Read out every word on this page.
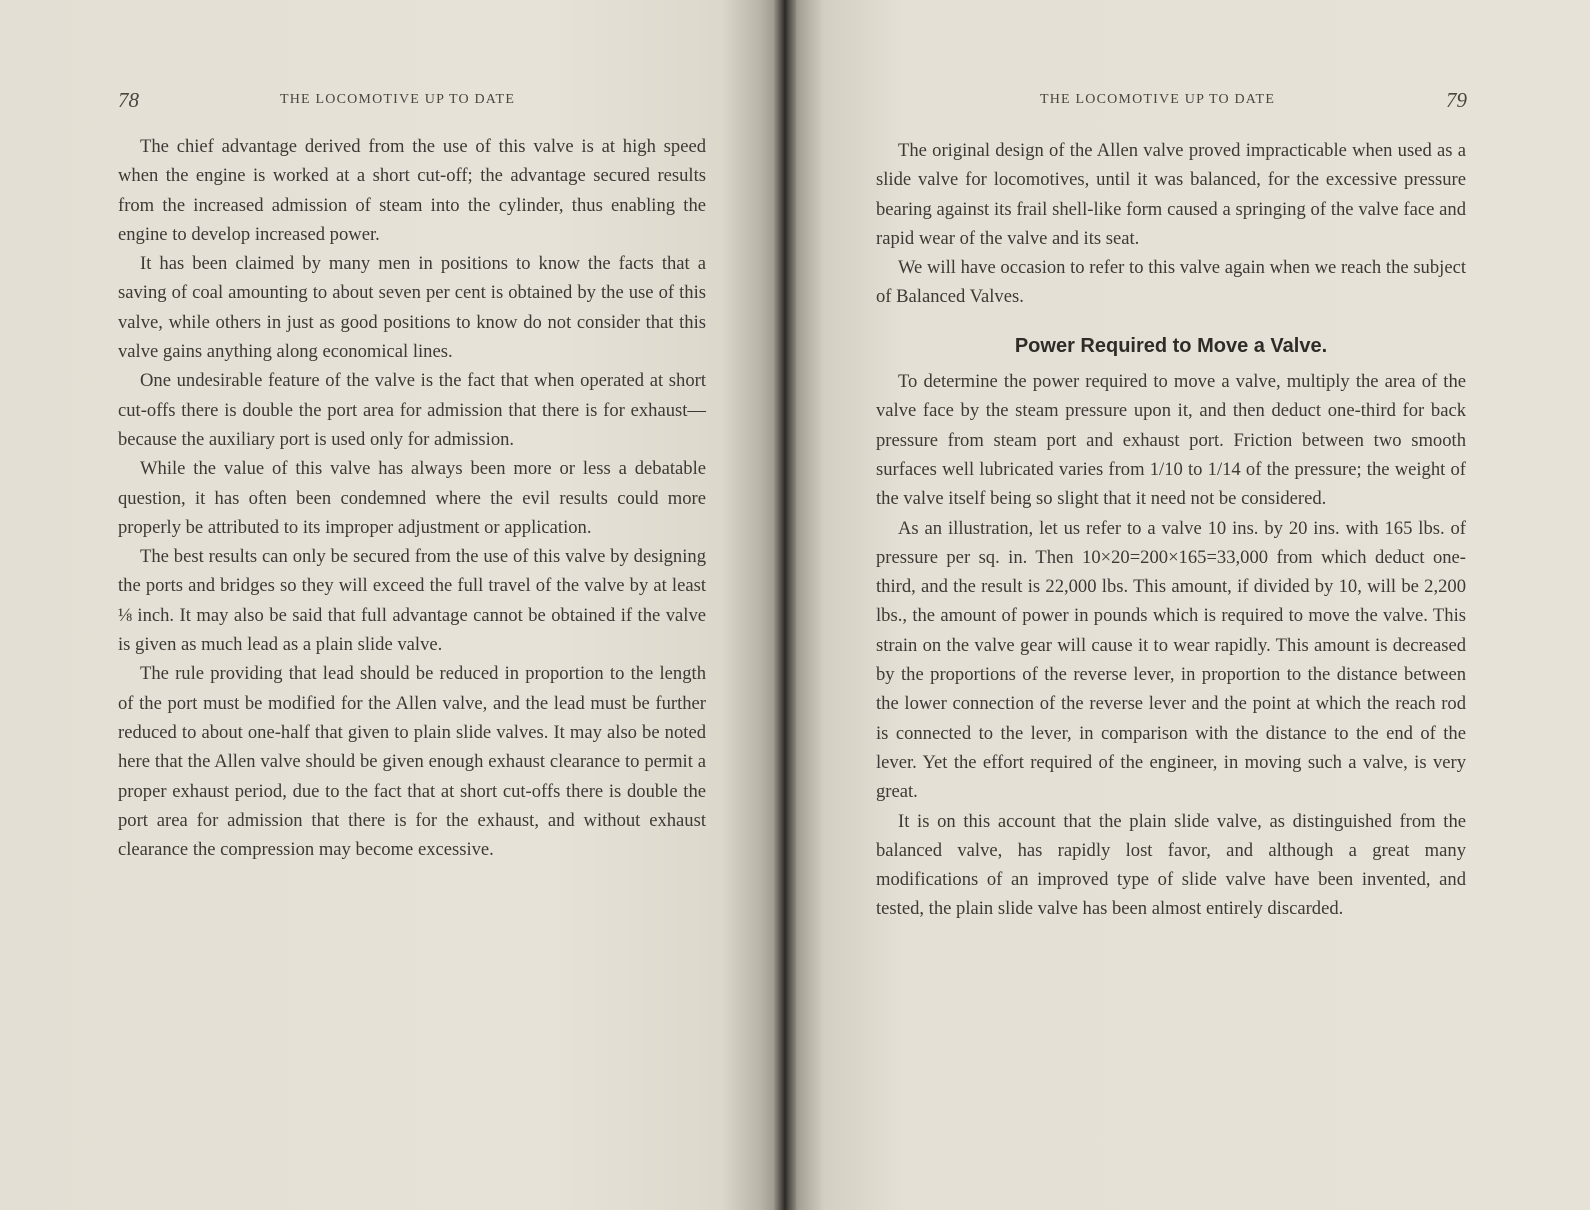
78	THE LOCOMOTIVE UP TO DATE

The chief advantage derived from the use of this valve is at high speed when the engine is worked at a short cut-off; the advantage secured results from the increased admission of steam into the cylinder, thus enabling the engine to develop increased power.

It has been claimed by many men in positions to know the facts that a saving of coal amounting to about seven per cent is obtained by the use of this valve, while others in just as good positions to know do not consider that this valve gains anything along economical lines.

One undesirable feature of the valve is the fact that when operated at short cut-offs there is double the port area for admission that there is for exhaust—because the auxiliary port is used only for admission.

While the value of this valve has always been more or less a debatable question, it has often been condemned where the evil results could more properly be attributed to its improper adjustment or application.

The best results can only be secured from the use of this valve by designing the ports and bridges so they will exceed the full travel of the valve by at least ⅛ inch. It may also be said that full advantage cannot be obtained if the valve is given as much lead as a plain slide valve.

The rule providing that lead should be reduced in proportion to the length of the port must be modified for the Allen valve, and the lead must be further reduced to about one-half that given to plain slide valves. It may also be noted here that the Allen valve should be given enough exhaust clearance to permit a proper exhaust period, due to the fact that at short cut-offs there is double the port area for admission that there is for the exhaust, and without exhaust clearance the compression may become excessive.

THE LOCOMOTIVE UP TO DATE	79

The original design of the Allen valve proved impracticable when used as a slide valve for locomotives, until it was balanced, for the excessive pressure bearing against its frail shell-like form caused a springing of the valve face and rapid wear of the valve and its seat.

We will have occasion to refer to this valve again when we reach the subject of Balanced Valves.

Power Required to Move a Valve.

To determine the power required to move a valve, multiply the area of the valve face by the steam pressure upon it, and then deduct one-third for back pressure from steam port and exhaust port. Friction between two smooth surfaces well lubricated varies from 1/10 to 1/14 of the pressure; the weight of the valve itself being so slight that it need not be considered.

As an illustration, let us refer to a valve 10 ins. by 20 ins. with 165 lbs. of pressure per sq. in. Then 10×20=200×165=33,000 from which deduct one-third, and the result is 22,000 lbs. This amount, if divided by 10, will be 2,200 lbs., the amount of power in pounds which is required to move the valve. This strain on the valve gear will cause it to wear rapidly. This amount is decreased by the proportions of the reverse lever, in proportion to the distance between the lower connection of the reverse lever and the point at which the reach rod is connected to the lever, in comparison with the distance to the end of the lever. Yet the effort required of the engineer, in moving such a valve, is very great.

It is on this account that the plain slide valve, as distinguished from the balanced valve, has rapidly lost favor, and although a great many modifications of an improved type of slide valve have been invented, and tested, the plain slide valve has been almost entirely discarded.
